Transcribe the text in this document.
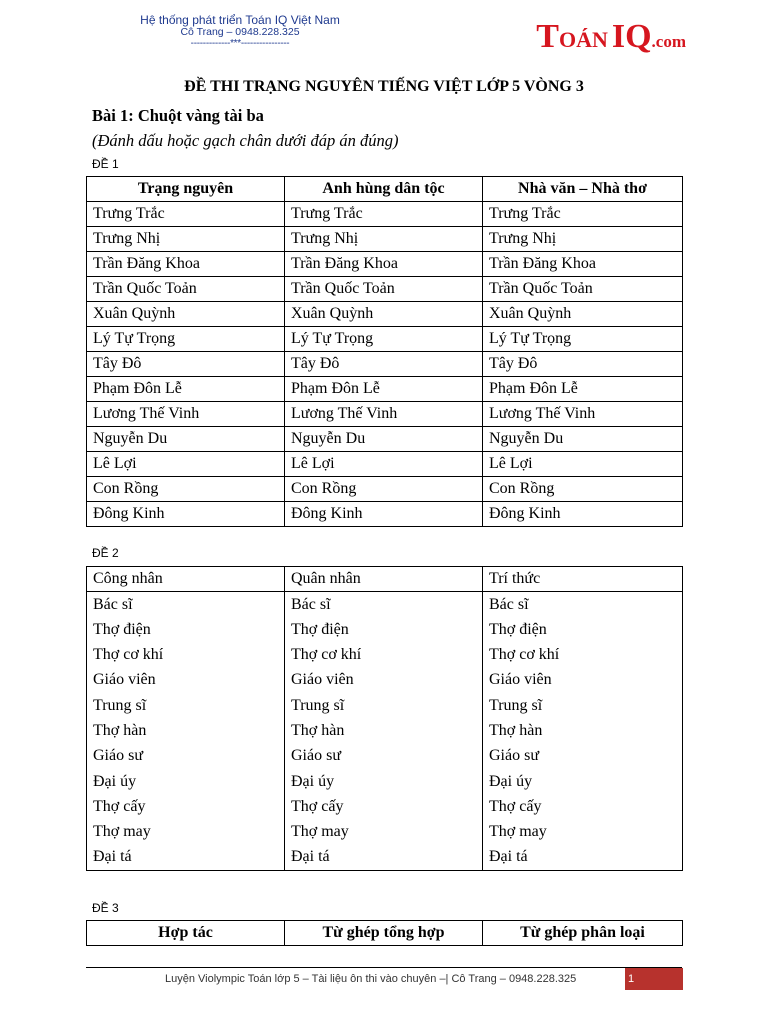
Hệ thống phát triển Toán IQ Việt Nam
Cô Trang – 0948.228.325
-------------***----------------	TOÁN IQ.com
ĐỀ THI TRẠNG NGUYÊN TIẾNG VIỆT LỚP 5 VÒNG 3
Bài 1: Chuột vàng tài ba
(Đánh dấu hoặc gạch chân dưới đáp án đúng)
ĐỀ 1
Trạng nguyên	Anh hùng dân tộc	Nhà văn – Nhà thơ
Trưng Trắc	Trưng Trắc	Trưng Trắc
Trưng Nhị	Trưng Nhị	Trưng Nhị
Trần Đăng Khoa	Trần Đăng Khoa	Trần Đăng Khoa
Trần Quốc Toản	Trần Quốc Toản	Trần Quốc Toản
Xuân Quỳnh	Xuân Quỳnh	Xuân Quỳnh
Lý Tự Trọng	Lý Tự Trọng	Lý Tự Trọng
Tây Đô	Tây Đô	Tây Đô
Phạm Đôn Lễ	Phạm Đôn Lễ	Phạm Đôn Lễ
Lương Thế Vinh	Lương Thế Vinh	Lương Thế Vinh
Nguyễn Du	Nguyễn Du	Nguyễn Du
Lê Lợi	Lê Lợi	Lê Lợi
Con Rồng	Con Rồng	Con Rồng
Đông Kinh	Đông Kinh	Đông Kinh
ĐỀ 2
Công nhân	Quân nhân	Trí thức
Bác sĩ	Bác sĩ	Bác sĩ
Thợ điện	Thợ điện	Thợ điện
Thợ cơ khí	Thợ cơ khí	Thợ cơ khí
Giáo viên	Giáo viên	Giáo viên
Trung sĩ	Trung sĩ	Trung sĩ
Thợ hàn	Thợ hàn	Thợ hàn
Giáo sư	Giáo sư	Giáo sư
Đại úy	Đại úy	Đại úy
Thợ cấy	Thợ cấy	Thợ cấy
Thợ may	Thợ may	Thợ may
Đại tá	Đại tá	Đại tá
ĐỀ 3
Hợp tác	Từ ghép tổng hợp	Từ ghép phân loại
Luyện Violympic Toán lớp 5 – Tài liệu ôn thi vào chuyên –| Cô Trang – 0948.228.325	1
